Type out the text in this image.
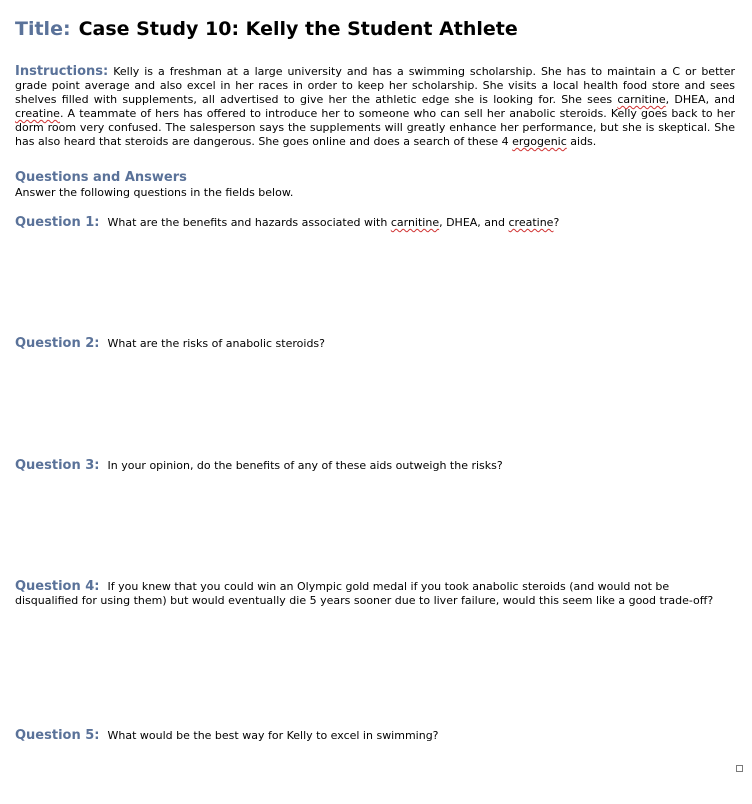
Title: Case Study 10: Kelly the Student Athlete
Instructions: Kelly is a freshman at a large university and has a swimming scholarship. She has to maintain a C or better grade point average and also excel in her races in order to keep her scholarship. She visits a local health food store and sees shelves filled with supplements, all advertised to give her the athletic edge she is looking for. She sees carnitine, DHEA, and creatine. A teammate of hers has offered to introduce her to someone who can sell her anabolic steroids. Kelly goes back to her dorm room very confused. The salesperson says the supplements will greatly enhance her performance, but she is skeptical. She has also heard that steroids are dangerous. She goes online and does a search of these 4 ergogenic aids.
Questions and Answers
Answer the following questions in the fields below.
Question 1: What are the benefits and hazards associated with carnitine, DHEA, and creatine?
Question 2: What are the risks of anabolic steroids?
Question 3: In your opinion, do the benefits of any of these aids outweigh the risks?
Question 4: If you knew that you could win an Olympic gold medal if you took anabolic steroids (and would not be disqualified for using them) but would eventually die 5 years sooner due to liver failure, would this seem like a good trade-off?
Question 5: What would be the best way for Kelly to excel in swimming?
